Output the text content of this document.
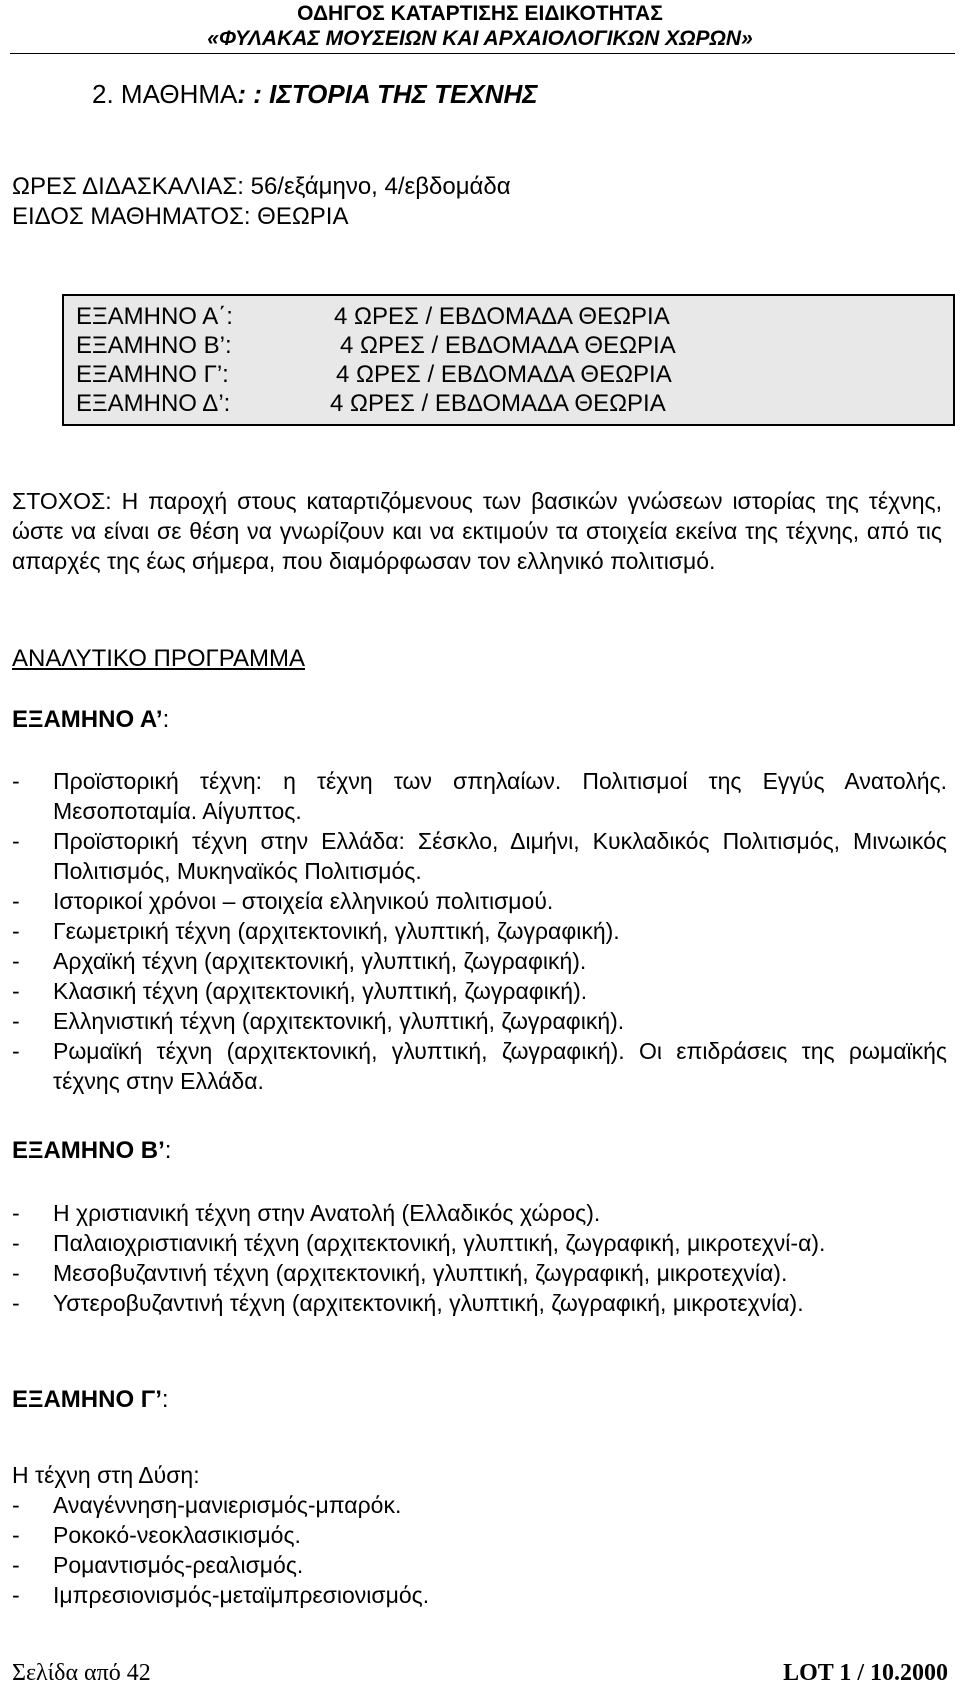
ΟΔΗΓΟΣ ΚΑΤΑΡΤΙΣΗΣ ΕΙΔΙΚΟΤΗΤΑΣ
«ΦΥΛΑΚΑΣ ΜΟΥΣΕΙΩΝ ΚΑΙ ΑΡΧΑΙΟΛΟΓΙΚΩΝ ΧΩΡΩΝ»
2. ΜΑΘΗΜΑ: : ΙΣΤΟΡΙΑ ΤΗΣ ΤΕΧΝΗΣ
ΩΡΕΣ ΔΙΔΑΣΚΑΛΙΑΣ: 56/εξάμηνο, 4/εβδομάδα
ΕΙΔΟΣ ΜΑΘΗΜΑΤΟΣ: ΘΕΩΡΙΑ
ΕΞΑΜΗΝΟ Α΄:	4 ΩΡΕΣ / ΕΒΔΟΜΑΔΑ ΘΕΩΡΙΑ
ΕΞΑΜΗΝΟ Β’:	4 ΩΡΕΣ / ΕΒΔΟΜΑΔΑ ΘΕΩΡΙΑ
ΕΞΑΜΗΝΟ Γ’:	4 ΩΡΕΣ / ΕΒΔΟΜΑΔΑ ΘΕΩΡΙΑ
ΕΞΑΜΗΝΟ Δ’:	4 ΩΡΕΣ / ΕΒΔΟΜΑΔΑ ΘΕΩΡΙΑ
ΣΤΟΧΟΣ: Η παροχή στους καταρτιζόμενους των βασικών γνώσεων ιστορίας της τέχνης, ώστε να είναι σε θέση να γνωρίζουν και να εκτιμούν τα στοιχεία εκείνα της τέχνης, από τις απαρχές της έως σήμερα, που διαμόρφωσαν τον ελληνικό πολιτισμό.
ΑΝΑΛΥΤΙΚΟ ΠΡΟΓΡΑΜΜΑ
ΕΞΑΜΗΝΟ Α’:
- Προϊστορική τέχνη: η τέχνη των σπηλαίων. Πολιτισμοί της Εγγύς Ανατολής. Μεσοποταμία. Αίγυπτος.
- Προϊστορική τέχνη στην Ελλάδα: Σέσκλο, Διμήνι, Κυκλαδικός Πολιτισμός, Μινωικός Πολιτισμός, Μυκηναϊκός Πολιτισμός.
- Ιστορικοί χρόνοι – στοιχεία ελληνικού πολιτισμού.
- Γεωμετρική τέχνη (αρχιτεκτονική, γλυπτική, ζωγραφική).
- Αρχαϊκή τέχνη (αρχιτεκτονική, γλυπτική, ζωγραφική).
- Κλασική τέχνη (αρχιτεκτονική, γλυπτική, ζωγραφική).
- Ελληνιστική τέχνη (αρχιτεκτονική, γλυπτική, ζωγραφική).
- Ρωμαϊκή τέχνη (αρχιτεκτονική, γλυπτική, ζωγραφική). Οι επιδράσεις της ρωμαϊκής τέχνης στην Ελλάδα.
ΕΞΑΜΗΝΟ Β’:
- Η χριστιανική τέχνη στην Ανατολή (Ελλαδικός χώρος).
- Παλαιοχριστιανική τέχνη (αρχιτεκτονική, γλυπτική, ζωγραφική, μικροτεχνί-α).
- Μεσοβυζαντινή τέχνη (αρχιτεκτονική, γλυπτική, ζωγραφική, μικροτεχνία).
- Υστεροβυζαντινή τέχνη (αρχιτεκτονική, γλυπτική, ζωγραφική, μικροτεχνία).
ΕΞΑΜΗΝΟ Γ’:
Η τέχνη στη Δύση:
- Αναγέννηση-μανιερισμός-μπαρόκ.
- Ροκοκό-νεοκλασικισμός.
- Ρομαντισμός-ρεαλισμός.
- Ιμπρεσιονισμός-μεταϊμπρεσιονισμός.
Σελίδα από 42	LOT 1 / 10.2000
